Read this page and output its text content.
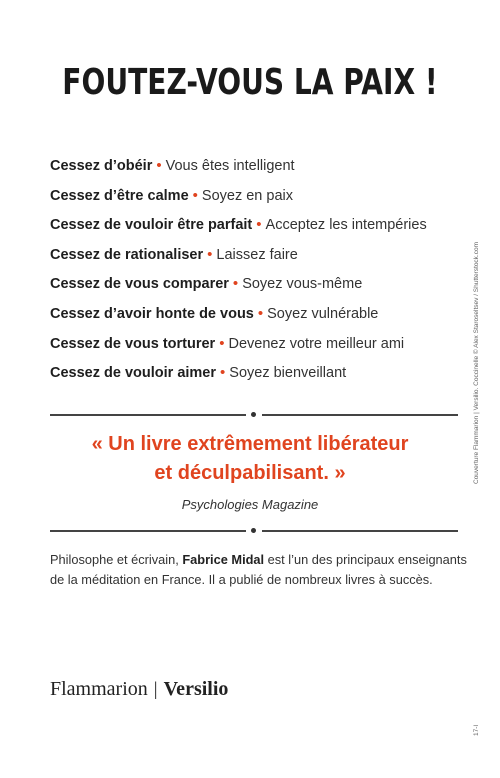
FOUTEZ-VOUS LA PAIX !
Cessez d’obéir • Vous êtes intelligent
Cessez d’être calme • Soyez en paix
Cessez de vouloir être parfait • Acceptez les intempéries
Cessez de rationaliser • Laissez faire
Cessez de vous comparer • Soyez vous-même
Cessez d’avoir honte de vous • Soyez vulnérable
Cessez de vous torturer • Devenez votre meilleur ami
Cessez de vouloir aimer • Soyez bienveillant
« Un livre extrêmement libérateur
et déculpabilisant. »
Psychologies Magazine
Philosophe et écrivain, Fabrice Midal est l’un des principaux enseignants
de la méditation en France. Il a publié de nombreux livres à succès.
Flammarion | Versilio
Couverture Flammarion | Versilio. Coccinelle © Alex Staroseltsev / Shutterstock.com
17-I
